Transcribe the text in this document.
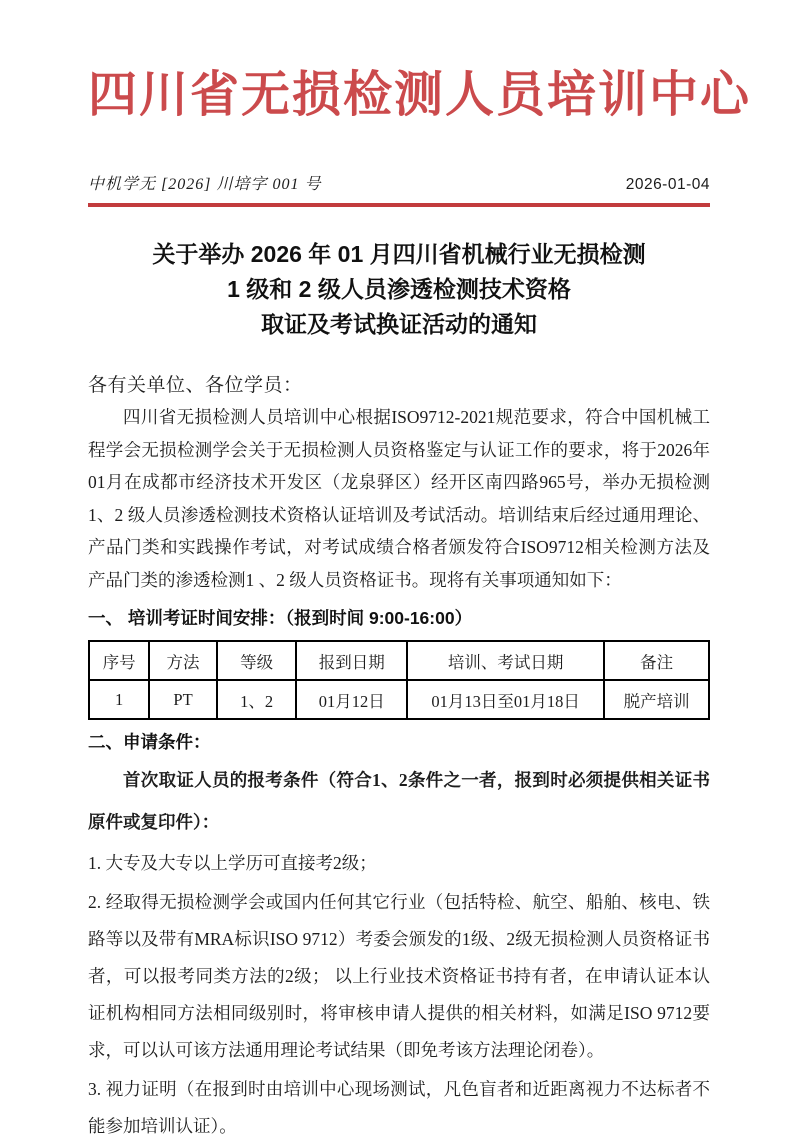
四川省无损检测人员培训中心
中机学无 [2026] 川培字 001 号	2026-01-04
关于举办 2026 年 01 月四川省机械行业无损检测
1 级和 2 级人员渗透检测技术资格
取证及考试换证活动的通知
各有关单位、各位学员：
四川省无损检测人员培训中心根据ISO9712-2021规范要求，符合中国机械工程学会无损检测学会关于无损检测人员资格鉴定与认证工作的要求，将于2026年01月在成都市经济技术开发区（龙泉驿区）经开区南四路965号，举办无损检测 1、2 级人员渗透检测技术资格认证培训及考试活动。培训结束后经过通用理论、产品门类和实践操作考试，对考试成绩合格者颁发符合ISO9712相关检测方法及产品门类的渗透检测1 、2 级人员资格证书。现将有关事项通知如下：
一、 培训考证时间安排：（报到时间 9:00-16:00）
序号	方法	等级	报到日期	培训、考试日期	备注
1	PT	1、2	01月12日	01月13日至01月18日	脱产培训
二、申请条件：
首次取证人员的报考条件（符合1、2条件之一者，报到时必须提供相关证书原件或复印件）：
1. 大专及大专以上学历可直接考2级；
2. 经取得无损检测学会或国内任何其它行业（包括特检、航空、船舶、核电、铁路等以及带有MRA标识ISO 9712）考委会颁发的1级、2级无损检测人员资格证书者，可以报考同类方法的2级； 以上行业技术资格证书持有者，在申请认证本认证机构相同方法相同级别时，将审核申请人提供的相关材料，如满足ISO 9712要求，可以认可该方法通用理论考试结果（即免考该方法理论闭卷）。
3. 视力证明（在报到时由培训中心现场测试，凡色盲者和近距离视力不达标者不能参加培训认证）。
